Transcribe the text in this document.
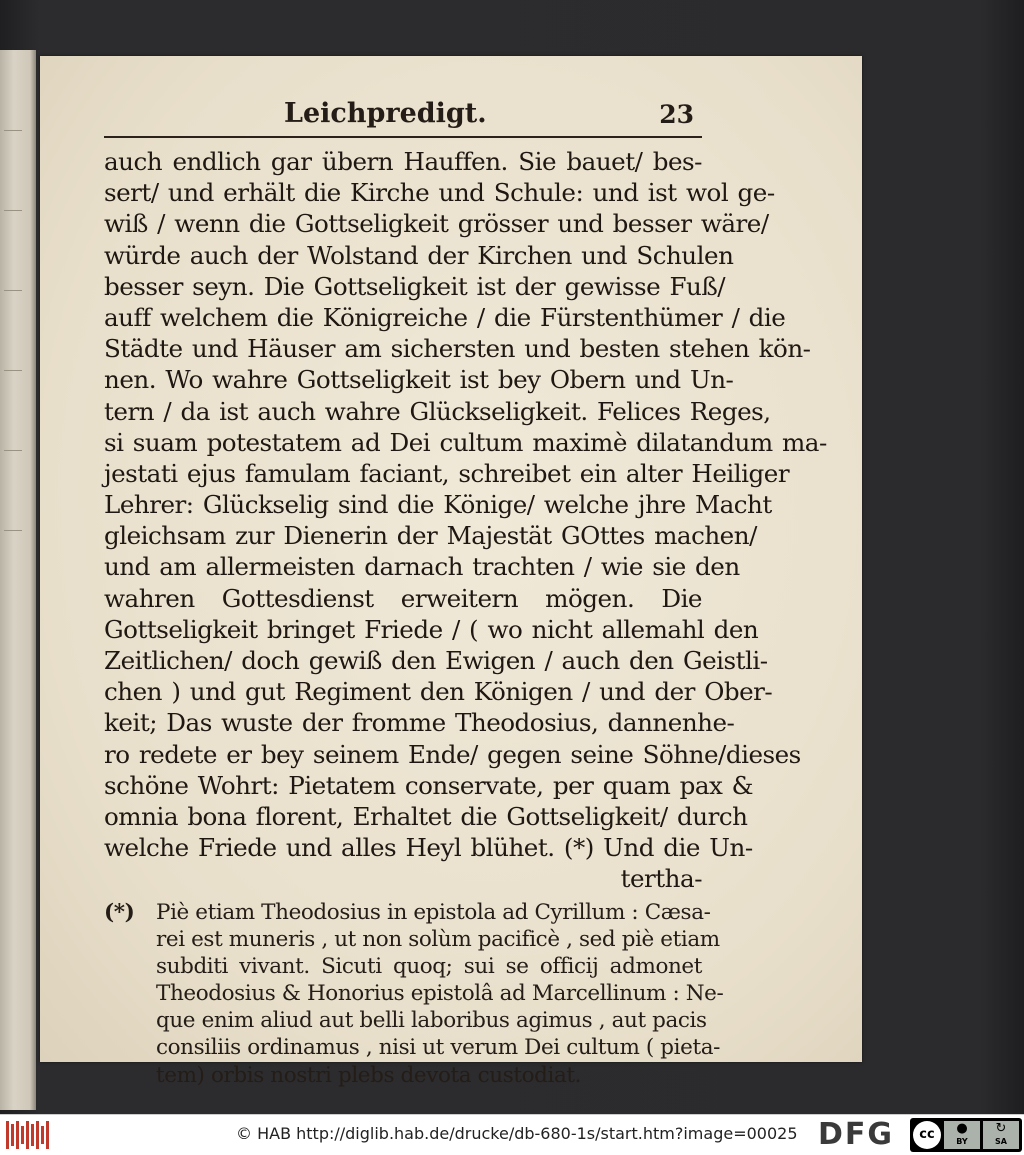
Leichpredigt.	23
auch endlich gar übern Hauffen. Sie bauet/ bes-
sert/ und erhält die Kirche und Schule: und ist wol ge-
wiß / wenn die Gottseligkeit grösser und besser wäre/
würde auch der Wolstand der Kirchen und Schulen
besser seyn. Die Gottseligkeit ist der gewisse Fuß/
auff welchem die Königreiche / die Fürstenthümer / die
Städte und Häuser am sichersten und besten stehen kön-
nen. Wo wahre Gottseligkeit ist bey Obern und Un-
tern / da ist auch wahre Glückseligkeit. Felices Reges,
si suam potestatem ad Dei cultum maximè dilatandum ma-
jestati ejus famulam faciant, schreibet ein alter Heiliger
Lehrer: Glückselig sind die Könige/ welche jhre Macht
gleichsam zur Dienerin der Majestät GOttes machen/
und am allermeisten darnach trachten / wie sie den
wahren Gottesdienst erweitern mögen. Die
Gottseligkeit bringet Friede / ( wo nicht allemahl den
Zeitlichen/ doch gewiß den Ewigen / auch den Geistli-
chen ) und gut Regiment den Königen / und der Ober-
keit; Das wuste der fromme Theodosius, dannenhe-
ro redete er bey seinem Ende/ gegen seine Söhne/dieses
schöne Wohrt: Pietatem conservate, per quam pax &
omnia bona florent, Erhaltet die Gottseligkeit/ durch
welche Friede und alles Heyl blühet. (*) Und die Un-
tertha-
(*) Piè etiam Theodosius in epistola ad Cyrillum : Cæsa-
rei est muneris , ut non solùm pacificè , sed piè etiam
subditi vivant. Sicuti quoq; sui se officij admonet
Theodosius & Honorius epistolâ ad Marcellinum : Ne-
que enim aliud aut belli laboribus agimus , aut pacis
consiliis ordinamus , nisi ut verum Dei cultum ( pieta-
tem) orbis nostri plebs devota custodiat.
© HAB http://diglib.hab.de/drucke/db-680-1s/start.htm?image=00025 DFG	cc	●
BY
↻
SA
